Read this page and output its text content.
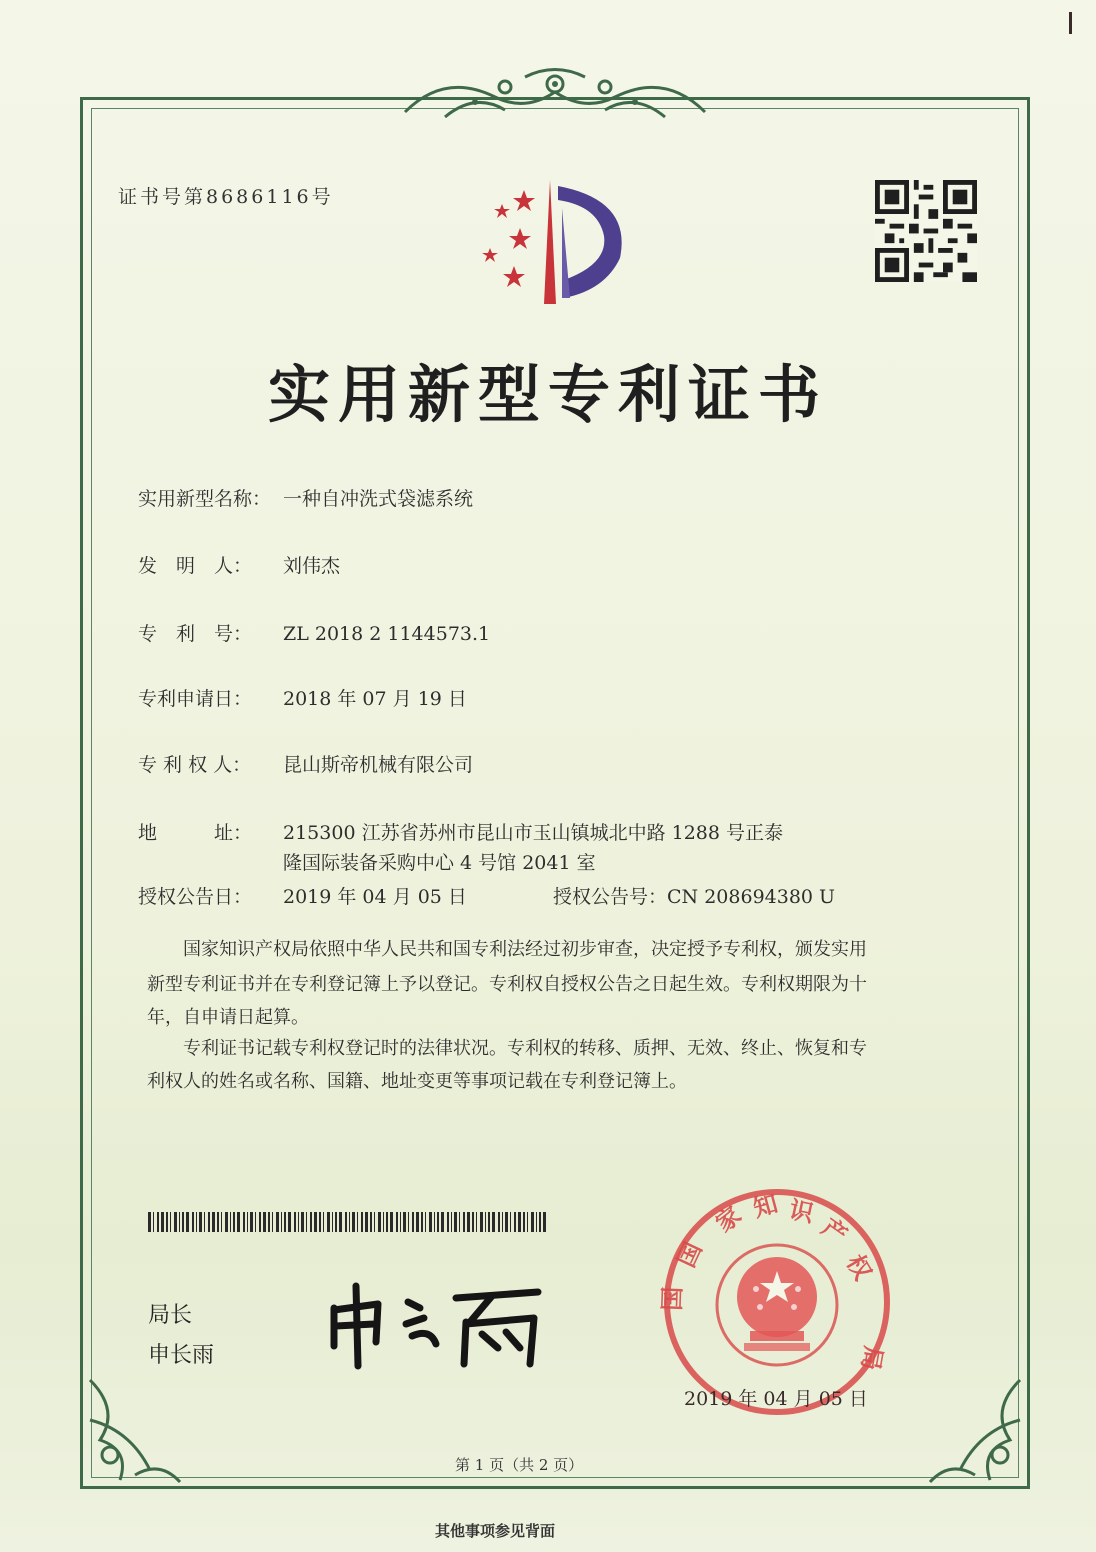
证书号第8686116号
实用新型专利证书
实用新型名称： 一种自冲洗式袋滤系统
发　明　人： 刘伟杰
专　利　号： ZL 2018 2 1144573.1
专利申请日： 2018 年 07 月 19 日
专 利 权 人： 昆山斯帝机械有限公司
地　　　址： 215300 江苏省苏州市昆山市玉山镇城北中路 1288 号正泰
隆国际装备采购中心 4 号馆 2041 室
授权公告日： 2019 年 04 月 05 日	授权公告号：CN 208694380 U
国家知识产权局依照中华人民共和国专利法经过初步审查，决定授予专利权，颁发实用
新型专利证书并在专利登记簿上予以登记。专利权自授权公告之日起生效。专利权期限为十
年，自申请日起算。
专利证书记载专利权登记时的法律状况。专利权的转移、质押、无效、终止、恢复和专
利权人的姓名或名称、国籍、地址变更等事项记载在专利登记簿上。
局长
申长雨
家 知 识
产
权
国
国
局
2019 年 04 月 05 日
第 1 页（共 2 页）
其他事项参见背面
